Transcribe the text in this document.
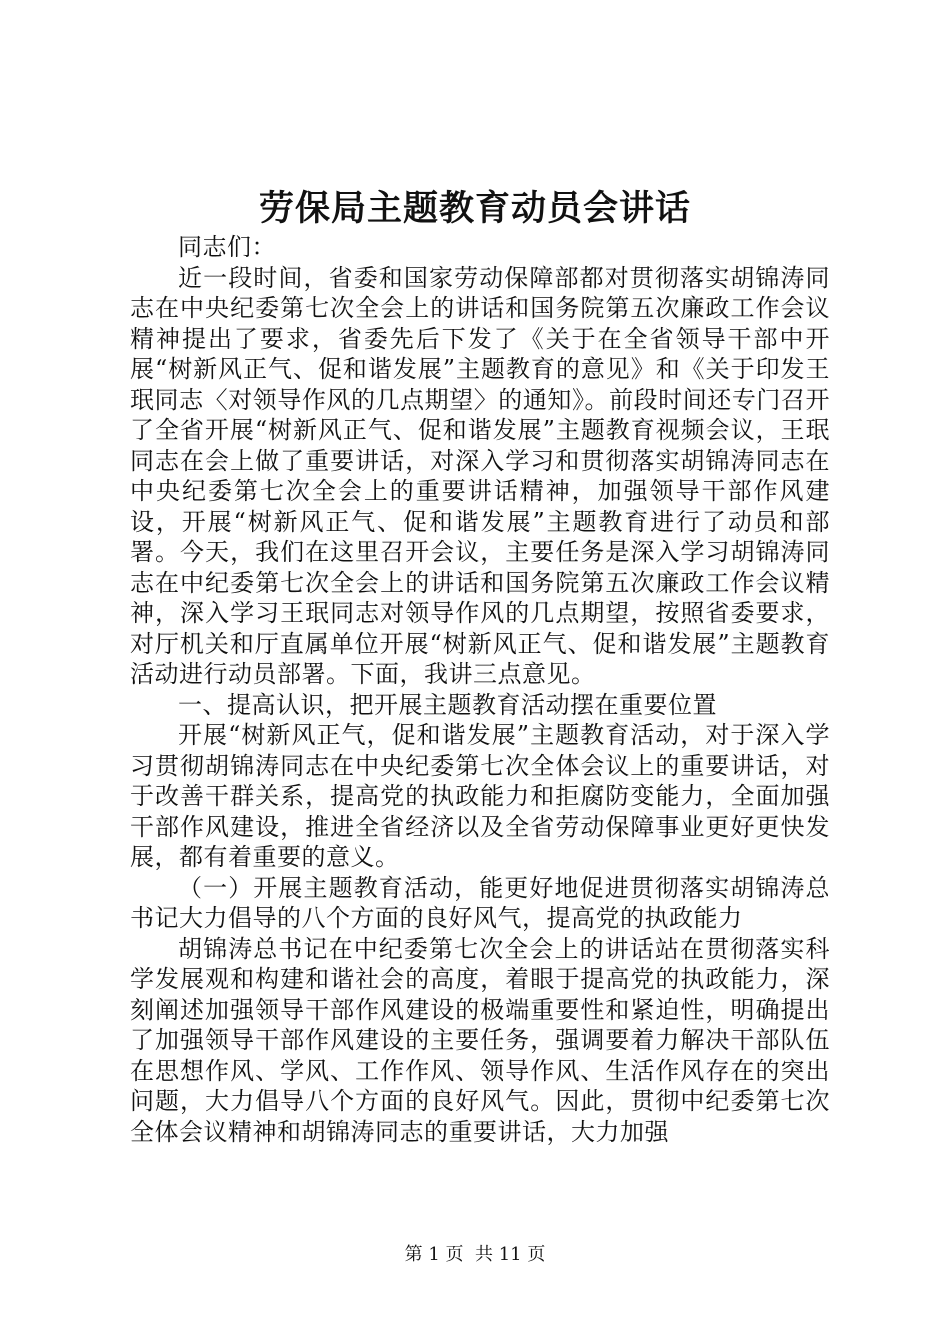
劳保局主题教育动员会讲话

同志们：

近一段时间，省委和国家劳动保障部都对贯彻落实胡锦涛同志在中央纪委第七次全会上的讲话和国务院第五次廉政工作会议精神提出了要求，省委先后下发了《关于在全省领导干部中开展“树新风正气、促和谐发展”主题教育的意见》和《关于印发王珉同志〈对领导作风的几点期望〉的通知》。前段时间还专门召开了全省开展“树新风正气、促和谐发展”主题教育视频会议，王珉同志在会上做了重要讲话，对深入学习和贯彻落实胡锦涛同志在中央纪委第七次全会上的重要讲话精神，加强领导干部作风建设，开展“树新风正气、促和谐发展”主题教育进行了动员和部署。今天，我们在这里召开会议，主要任务是深入学习胡锦涛同志在中纪委第七次全会上的讲话和国务院第五次廉政工作会议精神，深入学习王珉同志对领导作风的几点期望，按照省委要求，对厅机关和厅直属单位开展“树新风正气、促和谐发展”主题教育活动进行动员部署。下面，我讲三点意见。

一、提高认识，把开展主题教育活动摆在重要位置

开展“树新风正气，促和谐发展”主题教育活动，对于深入学习贯彻胡锦涛同志在中央纪委第七次全体会议上的重要讲话，对于改善干群关系，提高党的执政能力和拒腐防变能力，全面加强干部作风建设，推进全省经济以及全省劳动保障事业更好更快发展，都有着重要的意义。

（一）开展主题教育活动，能更好地促进贯彻落实胡锦涛总书记大力倡导的八个方面的良好风气，提高党的执政能力

胡锦涛总书记在中纪委第七次全会上的讲话站在贯彻落实科学发展观和构建和谐社会的高度，着眼于提高党的执政能力，深刻阐述加强领导干部作风建设的极端重要性和紧迫性，明确提出了加强领导干部作风建设的主要任务，强调要着力解决干部队伍在思想作风、学风、工作作风、领导作风、生活作风存在的突出问题，大力倡导八个方面的良好风气。因此，贯彻中纪委第七次全体会议精神和胡锦涛同志的重要讲话，大力加强

第 1 页  共 11 页
